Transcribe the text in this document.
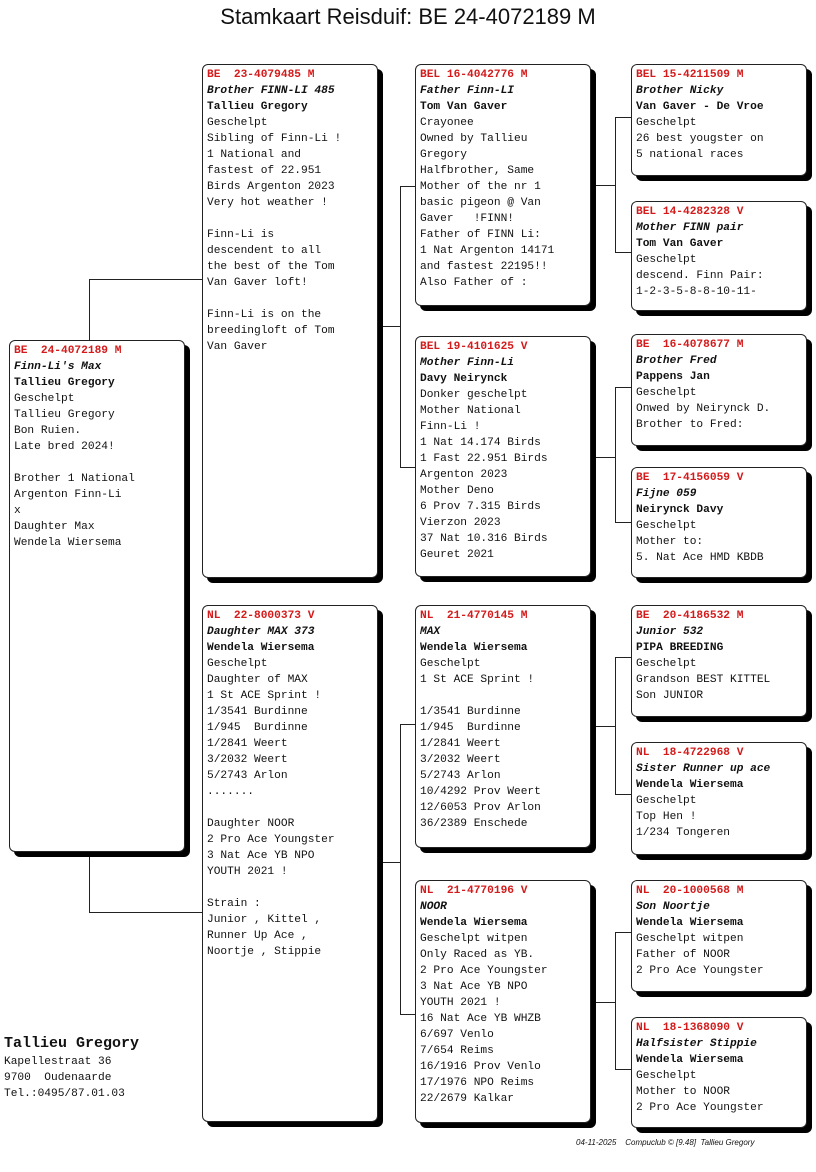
Stamkaart Reisduif: BE 24-4072189 M
BE  24-4072189 M
Finn-Li's Max
Tallieu Gregory
Geschelpt
Tallieu Gregory
Bon Ruien.
Late bred 2024!
Brother 1 National
Argenton Finn-Li
x
Daughter Max
Wendela Wiersema
BE  23-4079485 M
Brother FINN-LI 485
Tallieu Gregory
Geschelpt
Sibling of Finn-Li !
1 National and
fastest of 22.951
Birds Argenton 2023
Very hot weather !
Finn-Li is
descendent to all
the best of the Tom
Van Gaver loft!
Finn-Li is on the
breedingloft of Tom
Van Gaver
NL  22-8000373 V
Daughter MAX 373
Wendela Wiersema
Geschelpt
Daughter of MAX
1 St ACE Sprint !
1/3541 Burdinne
1/945  Burdinne
1/2841 Weert
3/2032 Weert
5/2743 Arlon
.......
Daughter NOOR
2 Pro Ace Youngster
3 Nat Ace YB NPO
YOUTH 2021 !
Strain :
Junior , Kittel ,
Runner Up Ace ,
Noortje , Stippie
BEL 16-4042776 M
Father Finn-LI
Tom Van Gaver
Crayonee
Owned by Tallieu
Gregory
Halfbrother, Same
Mother of the nr 1
basic pigeon @ Van
Gaver   !FINN!
Father of FINN Li:
1 Nat Argenton 14171
and fastest 22195!!
Also Father of :
BEL 19-4101625 V
Mother Finn-Li
Davy Neirynck
Donker geschelpt
Mother National
Finn-Li !
1 Nat 14.174 Birds
1 Fast 22.951 Birds
Argenton 2023
Mother Deno
6 Prov 7.315 Birds
Vierzon 2023
37 Nat 10.316 Birds
Geuret 2021
NL  21-4770145 M
MAX
Wendela Wiersema
Geschelpt
1 St ACE Sprint !
1/3541 Burdinne
1/945  Burdinne
1/2841 Weert
3/2032 Weert
5/2743 Arlon
10/4292 Prov Weert
12/6053 Prov Arlon
36/2389 Enschede
NL  21-4770196 V
NOOR
Wendela Wiersema
Geschelpt witpen
Only Raced as YB.
2 Pro Ace Youngster
3 Nat Ace YB NPO
YOUTH 2021 !
16 Nat Ace YB WHZB
6/697 Venlo
7/654 Reims
16/1916 Prov Venlo
17/1976 NPO Reims
22/2679 Kalkar
BEL 15-4211509 M
Brother Nicky
Van Gaver - De Vroe
Geschelpt
26 best yougster on
5 national races
BEL 14-4282328 V
Mother FINN pair
Tom Van Gaver
Geschelpt
descend. Finn Pair:
1-2-3-5-8-8-10-11-
BE  16-4078677 M
Brother Fred
Pappens Jan
Geschelpt
Onwed by Neirynck D.
Brother to Fred:
BE  17-4156059 V
Fijne 059
Neirynck Davy
Geschelpt
Mother to:
5. Nat Ace HMD KBDB
BE  20-4186532 M
Junior 532
PIPA BREEDING
Geschelpt
Grandson BEST KITTEL
Son JUNIOR
NL  18-4722968 V
Sister Runner up ace
Wendela Wiersema
Geschelpt
Top Hen !
1/234 Tongeren
NL  20-1000568 M
Son Noortje
Wendela Wiersema
Geschelpt witpen
Father of NOOR
2 Pro Ace Youngster
NL  18-1368090 V
Halfsister Stippie
Wendela Wiersema
Geschelpt
Mother to NOOR
2 Pro Ace Youngster
Tallieu Gregory
Kapellestraat 36
9700  Oudenaarde
Tel.:0495/87.01.03
04-11-2025    Compuclub © [9.48]  Tallieu Gregory
